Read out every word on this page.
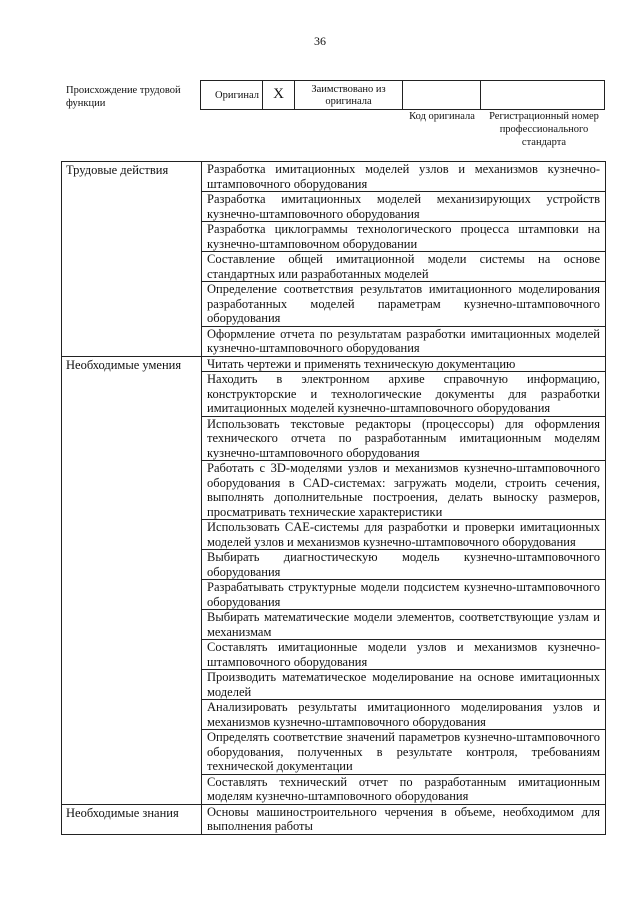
36
Происхождение трудовой функции
Оригинал X	Заимствовано из оригинала
Код оригинала	Регистрационный номер профессионального стандарта
Трудовые действия	Разработка имитационных моделей узлов и механизмов кузнечно-штамповочного оборудования
Разработка имитационных моделей механизирующих устройств кузнечно-штамповочного оборудования
Разработка циклограммы технологического процесса штамповки на кузнечно-штамповочном оборудовании
Составление общей имитационной модели системы на основе стандартных или разработанных моделей
Определение соответствия результатов имитационного моделирования разработанных моделей параметрам кузнечно-штамповочного оборудования
Оформление отчета по результатам разработки имитационных моделей кузнечно-штамповочного оборудования
Необходимые умения	Читать чертежи и применять техническую документацию
Находить в электронном архиве справочную информацию, конструкторские и технологические документы для разработки имитационных моделей кузнечно-штамповочного оборудования
Использовать текстовые редакторы (процессоры) для оформления технического отчета по разработанным имитационным моделям кузнечно-штамповочного оборудования
Работать с 3D-моделями узлов и механизмов кузнечно-штамповочного оборудования в CAD-системах: загружать модели, строить сечения, выполнять дополнительные построения, делать выноску размеров, просматривать технические характеристики
Использовать CAE-системы для разработки и проверки имитационных моделей узлов и механизмов кузнечно-штамповочного оборудования
Выбирать диагностическую модель кузнечно-штамповочного оборудования
Разрабатывать структурные модели подсистем кузнечно-штамповочного оборудования
Выбирать математические модели элементов, соответствующие узлам и механизмам
Составлять имитационные модели узлов и механизмов кузнечно-штамповочного оборудования
Производить математическое моделирование на основе имитационных моделей
Анализировать результаты имитационного моделирования узлов и механизмов кузнечно-штамповочного оборудования
Определять соответствие значений параметров кузнечно-штамповочного оборудования, полученных в результате контроля, требованиям технической документации
Составлять технический отчет по разработанным имитационным моделям кузнечно-штамповочного оборудования
Необходимые знания	Основы машиностроительного черчения в объеме, необходимом для выполнения работы
